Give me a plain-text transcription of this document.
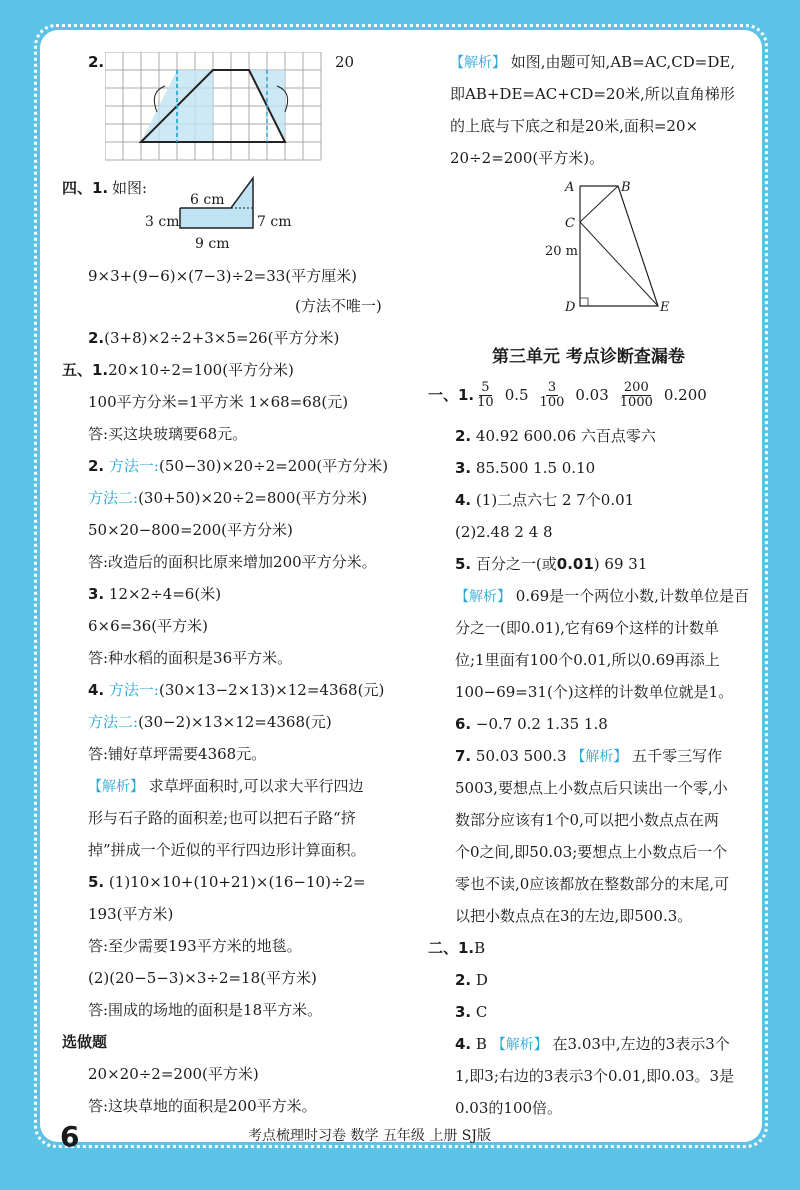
2.	20
四、1. 如图:
6 cm
3 cm	7 cm
9 cm
9×3+(9−6)×(7−3)÷2=33(平方厘米)
(方法不唯一)
2.(3+8)×2÷2+3×5=26(平方分米)
五、1.20×10÷2=100(平方分米)
100平方分米=1平方米 1×68=68(元)
答:买这块玻璃要68元。
2. 方法一:(50−30)×20÷2=200(平方分米)
方法二:(30+50)×20÷2=800(平方分米)
50×20−800=200(平方分米)
答:改造后的面积比原来增加200平方分米。
3. 12×2÷4=6(米)
6×6=36(平方米)
答:种水稻的面积是36平方米。
4. 方法一:(30×13−2×13)×12=4368(元)
方法二:(30−2)×13×12=4368(元)
答:铺好草坪需要4368元。
【解析】 求草坪面积时,可以求大平行四边
形与石子路的面积差;也可以把石子路“挤
掉”拼成一个近似的平行四边形计算面积。
5. (1)10×10+(10+21)×(16−10)÷2=
193(平方米)
答:至少需要193平方米的地毯。
(2)(20−5−3)×3÷2=18(平方米)
答:围成的场地的面积是18平方米。
选做题
20×20÷2=200(平方米)
答:这块草地的面积是200平方米。
【解析】 如图,由题可知,AB=AC,CD=DE,
即AB+DE=AC+CD=20米,所以直角梯形
的上底与下底之和是20米,面积=20×
20÷2=200(平方米)。
A	B
C
20 m
D	E
第三单元 考点诊断查漏卷
一、1. $\frac{5}{10} 0.5 \frac{3}{100} 0.03 \frac{200}{1000} 0.200$
2. 40.92 600.06 六百点零六
3. 85.500 1.5 0.10
4. (1)二点六七 2 7个0.01
(2)2.48 2 4 8
5. 百分之一(或0.01) 69 31
【解析】 0.69是一个两位小数,计数单位是百
分之一(即0.01),它有69个这样的计数单
位;1里面有100个0.01,所以0.69再添上
100−69=31(个)这样的计数单位就是1。
6. −0.7 0.2 1.35 1.8
7. 50.03 500.3 【解析】 五千零三写作
5003,要想点上小数点后只读出一个零,小
数部分应该有1个0,可以把小数点点在两
个0之间,即50.03;要想点上小数点后一个
零也不读,0应该都放在整数部分的末尾,可
以把小数点点在3的左边,即500.3。
二、1.B
2. D
3. C
4. B 【解析】 在3.03中,左边的3表示3个
1,即3;右边的3表示3个0.01,即0.03。3是
0.03的100倍。
6	考点梳理时习卷 数学 五年级 上册 SJ版
